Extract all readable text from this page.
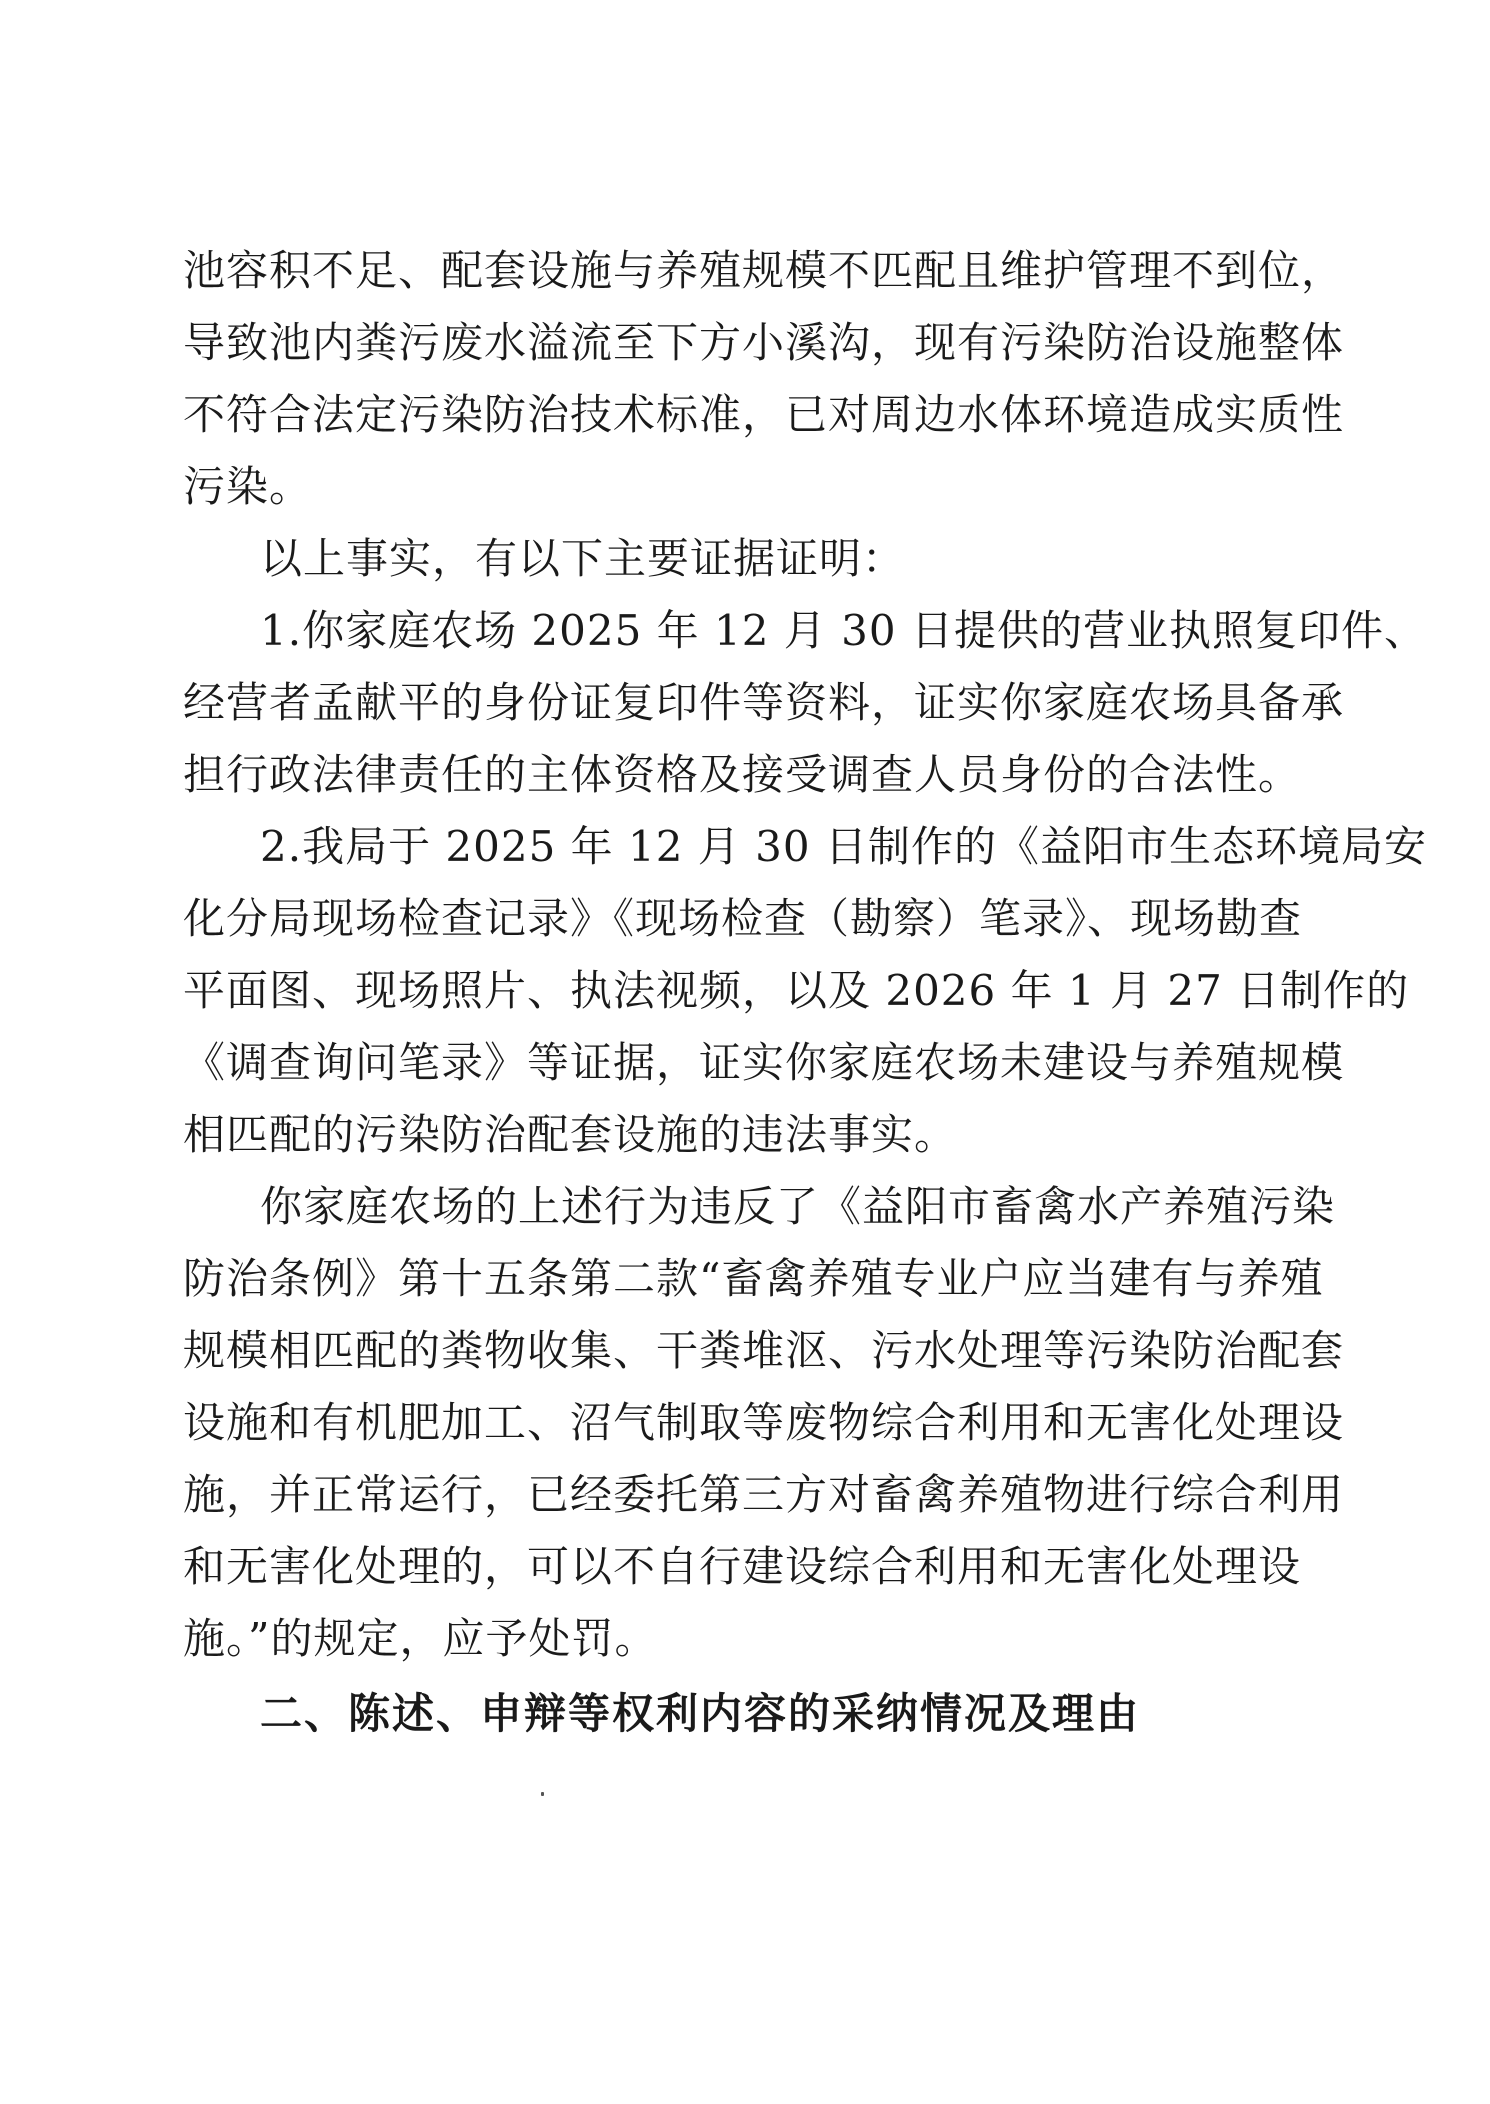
池容积不足、配套设施与养殖规模不匹配且维护管理不到位，
导致池内粪污废水溢流至下方小溪沟，现有污染防治设施整体
不符合法定污染防治技术标准，已对周边水体环境造成实质性
污染。
以上事实，有以下主要证据证明：
1.你家庭农场 2025 年 12 月 30 日提供的营业执照复印件、
经营者孟献平的身份证复印件等资料，证实你家庭农场具备承
担行政法律责任的主体资格及接受调查人员身份的合法性。
2.我局于 2025 年 12 月 30 日制作的《益阳市生态环境局安
化分局现场检查记录》《现场检查（勘察）笔录》、现场勘查
平面图、现场照片、执法视频，以及 2026 年 1 月 27 日制作的
《调查询问笔录》等证据，证实你家庭农场未建设与养殖规模
相匹配的污染防治配套设施的违法事实。
你家庭农场的上述行为违反了《益阳市畜禽水产养殖污染
防治条例》第十五条第二款“畜禽养殖专业户应当建有与养殖
规模相匹配的粪物收集、干粪堆沤、污水处理等污染防治配套
设施和有机肥加工、沼气制取等废物综合利用和无害化处理设
施，并正常运行，已经委托第三方对畜禽养殖物进行综合利用
和无害化处理的，可以不自行建设综合利用和无害化处理设
施。”的规定，应予处罚。
二、陈述、申辩等权利内容的采纳情况及理由
